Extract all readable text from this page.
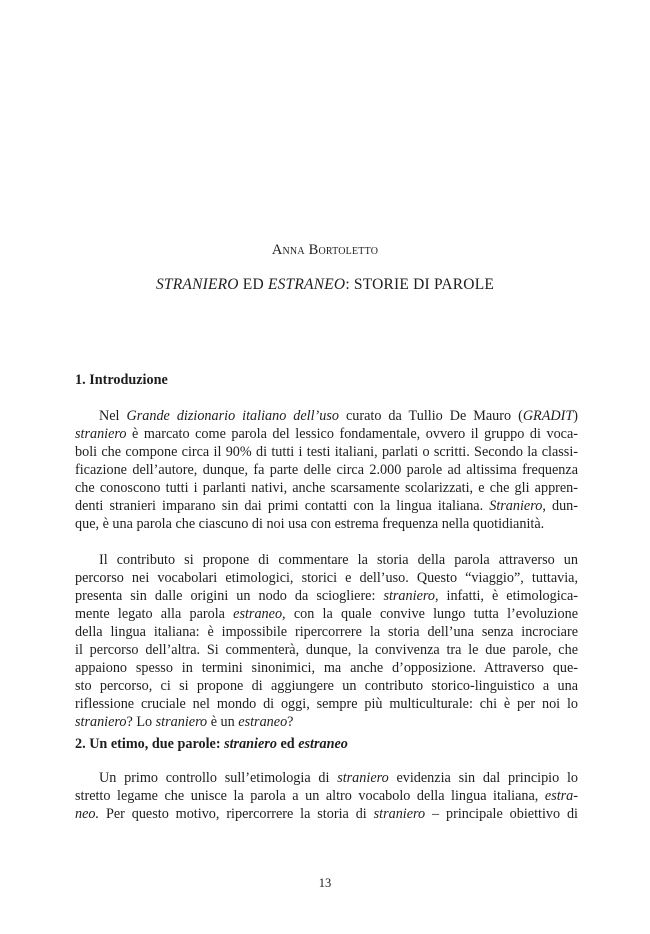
Anna Bortoletto
STRANIERO ED ESTRANEO: STORIE DI PAROLE
1. Introduzione
Nel Grande dizionario italiano dell’uso curato da Tullio De Mauro (GRADIT)
straniero è marcato come parola del lessico fondamentale, ovvero il gruppo di voca-
boli che compone circa il 90% di tutti i testi italiani, parlati o scritti. Secondo la classi-
ficazione dell’autore, dunque, fa parte delle circa 2.000 parole ad altissima frequenza
che conoscono tutti i parlanti nativi, anche scarsamente scolarizzati, e che gli appren-
denti stranieri imparano sin dai primi contatti con la lingua italiana. Straniero, dun-
que, è una parola che ciascuno di noi usa con estrema frequenza nella quotidianità.
Il contributo si propone di commentare la storia della parola attraverso un
percorso nei vocabolari etimologici, storici e dell’uso. Questo “viaggio”, tuttavia,
presenta sin dalle origini un nodo da sciogliere: straniero, infatti, è etimologica-
mente legato alla parola estraneo, con la quale convive lungo tutta l’evoluzione
della lingua italiana: è impossibile ripercorrere la storia dell’una senza incrociare
il percorso dell’altra. Si commenterà, dunque, la convivenza tra le due parole, che
appaiono spesso in termini sinonimici, ma anche d’opposizione. Attraverso que-
sto percorso, ci si propone di aggiungere un contributo storico-linguistico a una
riflessione cruciale nel mondo di oggi, sempre più multiculturale: chi è per noi lo
straniero? Lo straniero è un estraneo?
2. Un etimo, due parole: straniero ed estraneo
Un primo controllo sull’etimologia di straniero evidenzia sin dal principio lo
stretto legame che unisce la parola a un altro vocabolo della lingua italiana, estra-
neo. Per questo motivo, ripercorrere la storia di straniero – principale obiettivo di
13
